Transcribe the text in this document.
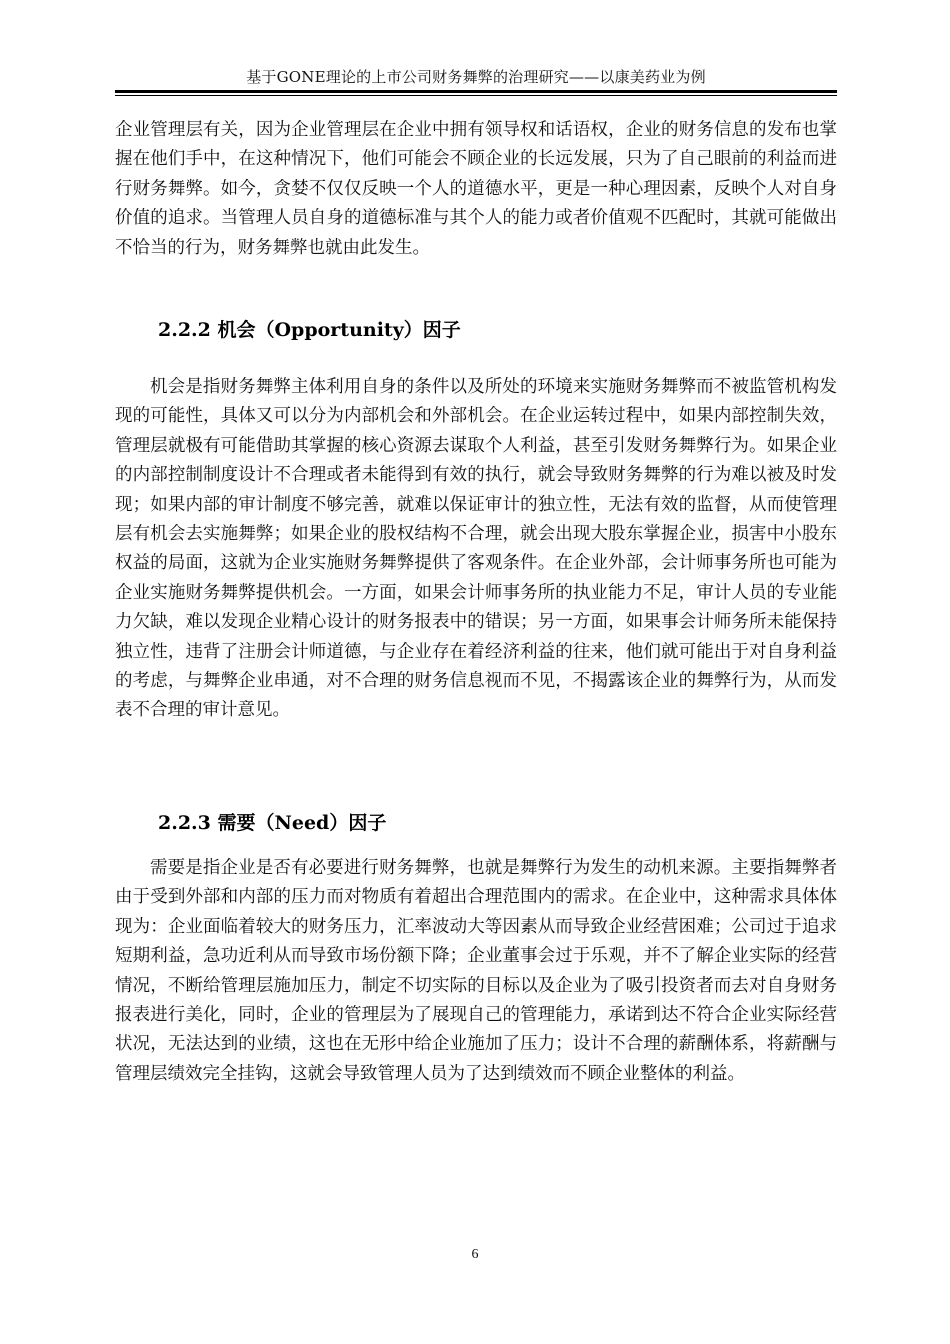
基于GONE理论的上市公司财务舞弊的治理研究——以康美药业为例
企业管理层有关，因为企业管理层在企业中拥有领导权和话语权，企业的财务信息的发布也掌握在他们手中，在这种情况下，他们可能会不顾企业的长远发展，只为了自己眼前的利益而进行财务舞弊。如今，贪婪不仅仅反映一个人的道德水平，更是一种心理因素，反映个人对自身价值的追求。当管理人员自身的道德标准与其个人的能力或者价值观不匹配时，其就可能做出不恰当的行为，财务舞弊也就由此发生。
2.2.2 机会（Opportunity）因子
机会是指财务舞弊主体利用自身的条件以及所处的环境来实施财务舞弊而不被监管机构发现的可能性，具体又可以分为内部机会和外部机会。在企业运转过程中，如果内部控制失效，管理层就极有可能借助其掌握的核心资源去谋取个人利益，甚至引发财务舞弊行为。如果企业的内部控制制度设计不合理或者未能得到有效的执行，就会导致财务舞弊的行为难以被及时发现；如果内部的审计制度不够完善，就难以保证审计的独立性，无法有效的监督，从而使管理层有机会去实施舞弊；如果企业的股权结构不合理，就会出现大股东掌握企业，损害中小股东权益的局面，这就为企业实施财务舞弊提供了客观条件。在企业外部，会计师事务所也可能为企业实施财务舞弊提供机会。一方面，如果会计师事务所的执业能力不足，审计人员的专业能力欠缺，难以发现企业精心设计的财务报表中的错误；另一方面，如果事会计师务所未能保持独立性，违背了注册会计师道德，与企业存在着经济利益的往来，他们就可能出于对自身利益的考虑，与舞弊企业串通，对不合理的财务信息视而不见，不揭露该企业的舞弊行为，从而发表不合理的审计意见。
2.2.3 需要（Need）因子
需要是指企业是否有必要进行财务舞弊，也就是舞弊行为发生的动机来源。主要指舞弊者由于受到外部和内部的压力而对物质有着超出合理范围内的需求。在企业中，这种需求具体体现为：企业面临着较大的财务压力，汇率波动大等因素从而导致企业经营困难；公司过于追求短期利益，急功近利从而导致市场份额下降；企业董事会过于乐观，并不了解企业实际的经营情况，不断给管理层施加压力，制定不切实际的目标以及企业为了吸引投资者而去对自身财务报表进行美化，同时，企业的管理层为了展现自己的管理能力，承诺到达不符合企业实际经营状况，无法达到的业绩，这也在无形中给企业施加了压力；设计不合理的薪酬体系，将薪酬与管理层绩效完全挂钩，这就会导致管理人员为了达到绩效而不顾企业整体的利益。
6
